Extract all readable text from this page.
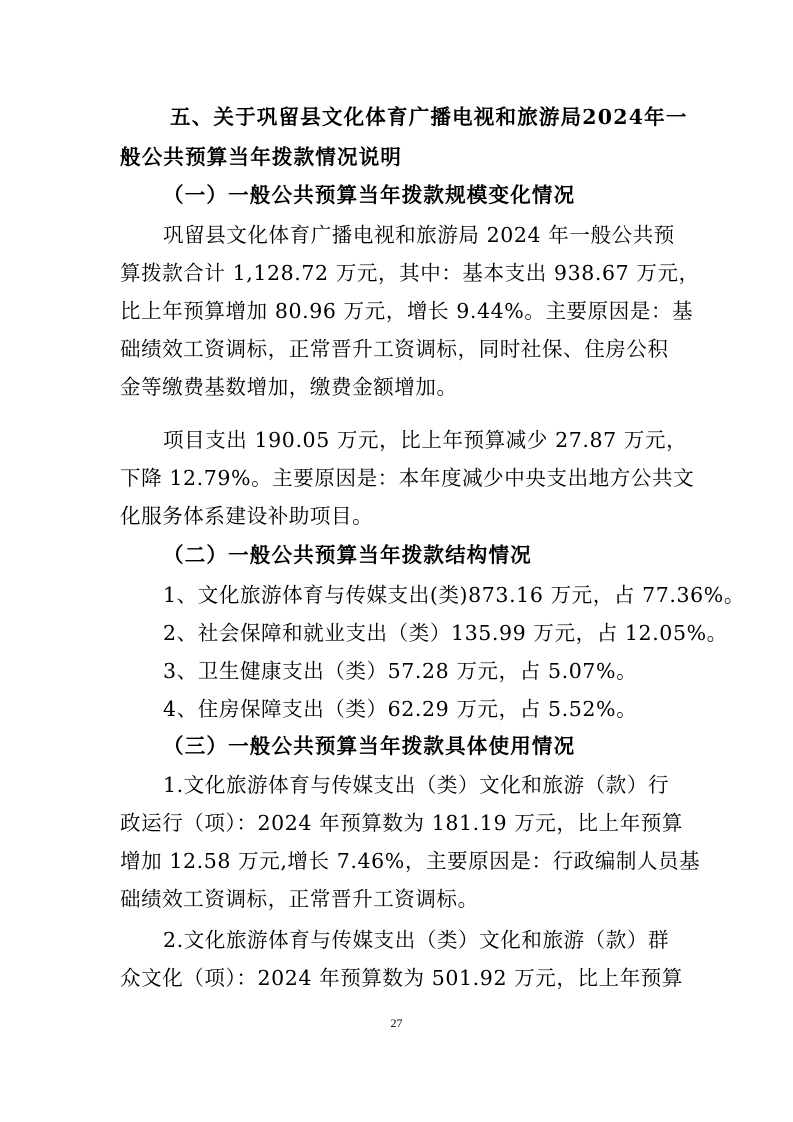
五、关于巩留县文化体育广播电视和旅游局2024年一
般公共预算当年拨款情况说明
（一）一般公共预算当年拨款规模变化情况
巩留县文化体育广播电视和旅游局 2024 年一般公共预
算拨款合计 1,128.72 万元，其中：基本支出 938.67 万元，
比上年预算增加 80.96 万元，增长 9.44%。主要原因是：基
础绩效工资调标，正常晋升工资调标，同时社保、住房公积
金等缴费基数增加，缴费金额增加。
项目支出 190.05 万元，比上年预算减少 27.87 万元，
下降 12.79%。主要原因是：本年度减少中央支出地方公共文
化服务体系建设补助项目。
（二）一般公共预算当年拨款结构情况
1、文化旅游体育与传媒支出(类)873.16 万元，占 77.36%。
2、社会保障和就业支出（类）135.99 万元，占 12.05%。
3、卫生健康支出（类）57.28 万元，占 5.07%。
4、住房保障支出（类）62.29 万元，占 5.52%。
（三）一般公共预算当年拨款具体使用情况
1.文化旅游体育与传媒支出（类）文化和旅游（款）行
政运行（项）：2024 年预算数为 181.19 万元，比上年预算
增加 12.58 万元,增长 7.46%，主要原因是：行政编制人员基
础绩效工资调标，正常晋升工资调标。
2.文化旅游体育与传媒支出（类）文化和旅游（款）群
众文化（项）：2024 年预算数为 501.92 万元，比上年预算
27
